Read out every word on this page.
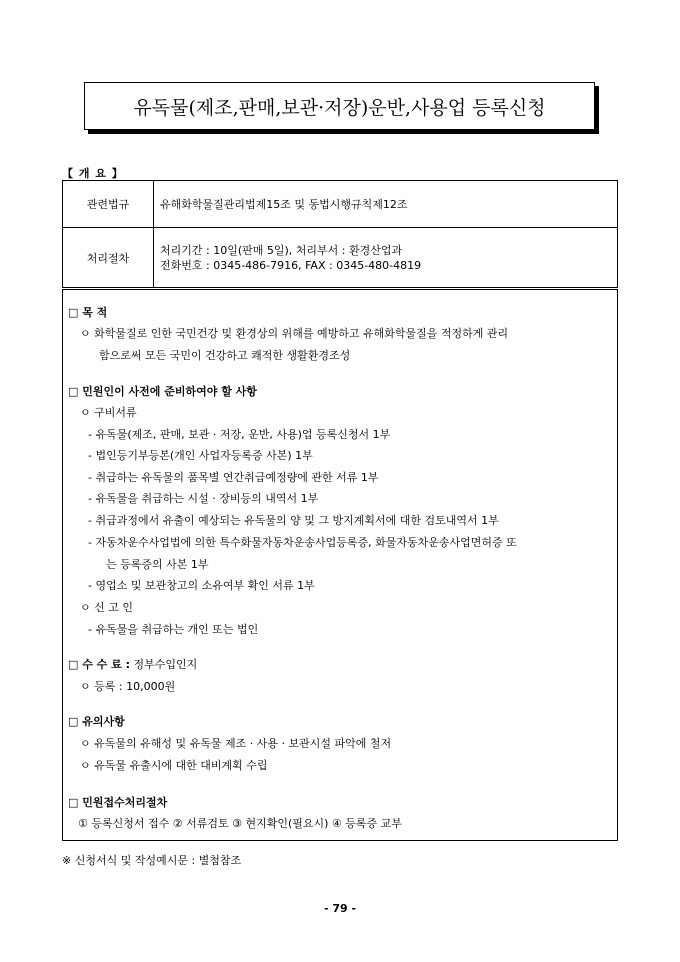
유독물(제조,판매,보관·저장)운반,사용업 등록신청
【 개 요 】
관련법규	유해화학물질관리법제15조 및 동법시행규칙제12조

처리절차	처리기간 : 10일(판매 5일), 처리부서 : 환경산업과
전화번호 : 0345-486-7916, FAX : 0345-480-4819
□ 목 적
ㅇ 화학물질로 인한 국민건강 및 환경상의 위해를 예방하고 유해화학물질을 적정하게 관리
함으로써 모든 국민이 건강하고 쾌적한 생활환경조성
□ 민원인이 사전에 준비하여야 할 사항
ㅇ 구비서류
- 유독물(제조, 판매, 보관 · 저장, 운반, 사용)업 등록신청서 1부
- 법인등기부등본(개인 사업자등록증 사본) 1부
- 취급하는 유독물의 품목별 연간취급예정량에 관한 서류 1부
- 유독물을 취급하는 시설 · 장비등의 내역서 1부
- 취급과정에서 유출이 예상되는 유독물의 양 및 그 방지계획서에 대한 검토내역서 1부
- 자동차운수사업법에 의한 특수화물자동차운송사업등록증, 화물자동차운송사업면허증 또
는 등록증의 사본 1부
- 영업소 및 보관창고의 소유여부 확인 서류 1부
ㅇ 신 고 인
- 유독물을 취급하는 개인 또는 법인
□ 수 수 료 : 정부수입인지
ㅇ 등록 : 10,000원
□ 유의사항
ㅇ 유독물의 유해성 및 유독물 제조 · 사용 · 보관시설 파악에 철저
ㅇ 유독물 유출시에 대한 대비계획 수립
□ 민원접수처리절차
① 등록신청서 접수 ② 서류검토 ③ 현지확인(필요시) ④ 등록증 교부
※ 신청서식 및 작성예시문 : 별첨참조
- 79 -
